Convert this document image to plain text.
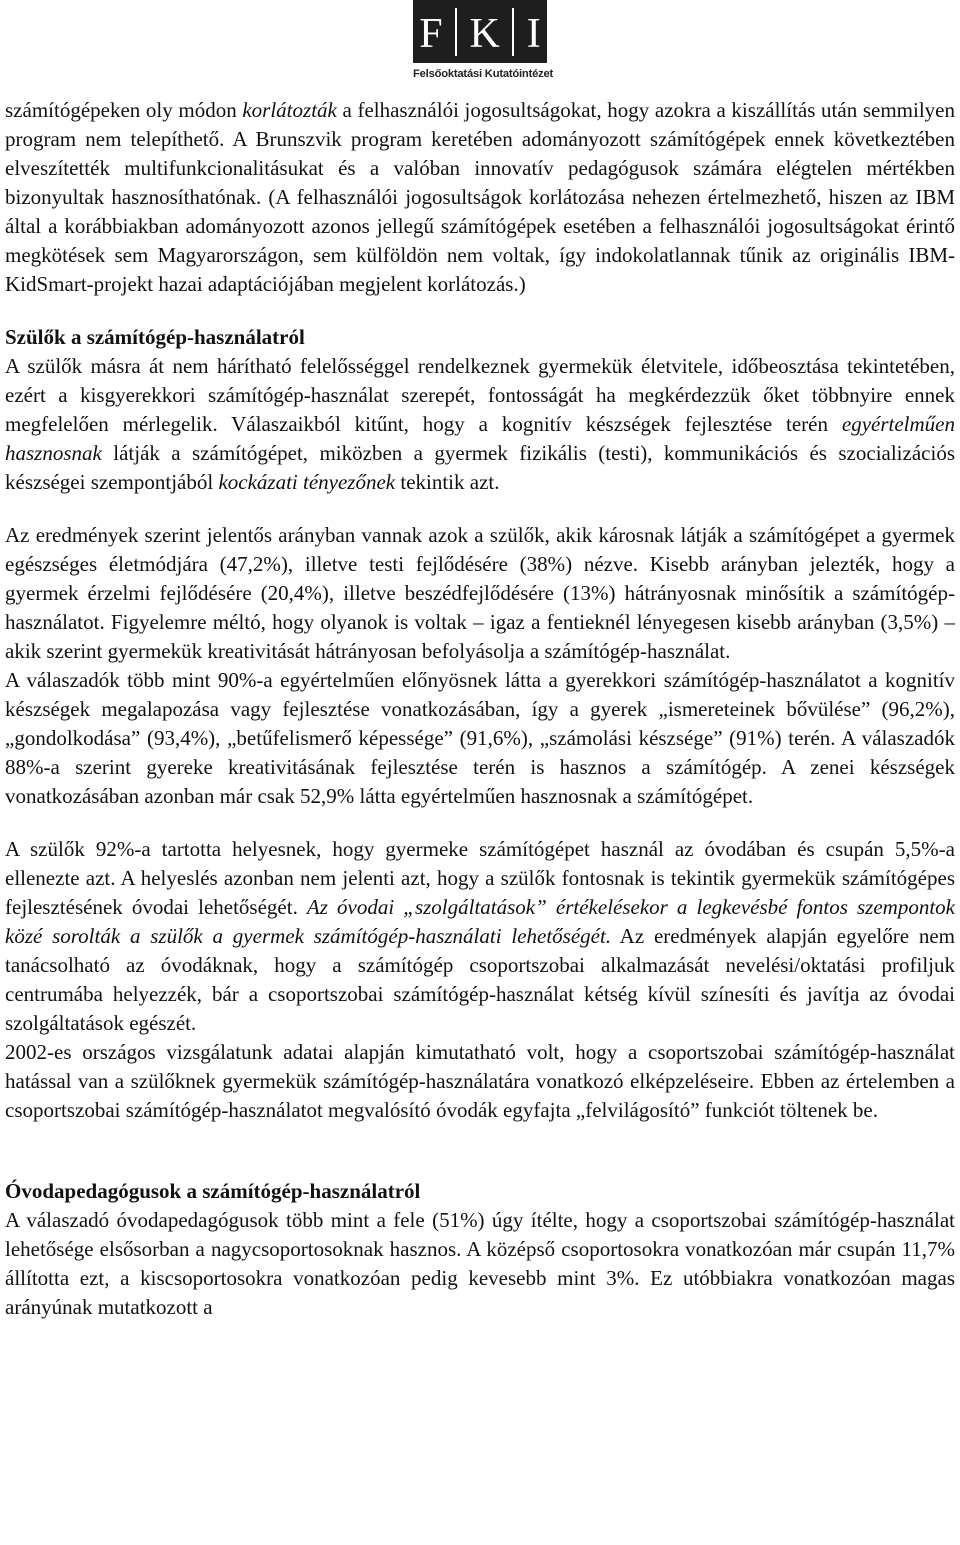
F K I
Felsőoktatási Kutatóintézet

számítógépeken oly módon korlátozták a felhasználói jogosultságokat, hogy azokra a kiszállítás után semmilyen program nem telepíthető. A Brunszvik program keretében adományozott számítógépek ennek következtében elveszítették multifunkcionalitásukat és a valóban innovatív pedagógusok számára elégtelen mértékben bizonyultak hasznosíthatónak. (A felhasználói jogosultságok korlátozása nehezen értelmezhető, hiszen az IBM által a korábbiakban adományozott azonos jellegű számítógépek esetében a felhasználói jogosultságokat érintő megkötések sem Magyarországon, sem külföldön nem voltak, így indokolatlannak tűnik az originális IBM-KidSmart-projekt hazai adaptációjában megjelent korlátozás.)

Szülők a számítógép-használatról

A szülők másra át nem hárítható felelősséggel rendelkeznek gyermekük életvitele, időbeosztása tekintetében, ezért a kisgyerekkori számítógép-használat szerepét, fontosságát ha megkérdezzük őket többnyire ennek megfelelően mérlegelik. Válaszaikból kitűnt, hogy a kognitív készségek fejlesztése terén egyértelműen hasznosnak látják a számítógépet, miközben a gyermek fizikális (testi), kommunikációs és szocializációs készségei szempontjából kockázati tényezőnek tekintik azt.

Az eredmények szerint jelentős arányban vannak azok a szülők, akik károsnak látják a számítógépet a gyermek egészséges életmódjára (47,2%), illetve testi fejlődésére (38%) nézve. Kisebb arányban jelezték, hogy a gyermek érzelmi fejlődésére (20,4%), illetve beszédfejlődésére (13%) hátrányosnak minősítik a számítógép-használatot. Figyelemre méltó, hogy olyanok is voltak – igaz a fentieknél lényegesen kisebb arányban (3,5%) – akik szerint gyermekük kreativitását hátrányosan befolyásolja a számítógép-használat.

A válaszadók több mint 90%-a egyértelműen előnyösnek látta a gyerekkori számítógép-használatot a kognitív készségek megalapozása vagy fejlesztése vonatkozásában, így a gyerek „ismereteinek bővülése” (96,2%), „gondolkodása” (93,4%), „betűfelismerő képessége” (91,6%), „számolási készsége” (91%) terén. A válaszadók 88%-a szerint gyereke kreativitásának fejlesztése terén is hasznos a számítógép. A zenei készségek vonatkozásában azonban már csak 52,9% látta egyértelműen hasznosnak a számítógépet.

A szülők 92%-a tartotta helyesnek, hogy gyermeke számítógépet használ az óvodában és csupán 5,5%-a ellenezte azt. A helyeslés azonban nem jelenti azt, hogy a szülők fontosnak is tekintik gyermekük számítógépes fejlesztésének óvodai lehetőségét. Az óvodai „szolgáltatások” értékelésekor a legkevésbé fontos szempontok közé sorolták a szülők a gyermek számítógép-használati lehetőségét. Az eredmények alapján egyelőre nem tanácsolható az óvodáknak, hogy a számítógép csoportszobai alkalmazását nevelési/oktatási profiljuk centrumába helyezzék, bár a csoportszobai számítógép-használat kétség kívül színesíti és javítja az óvodai szolgáltatások egészét.

2002-es országos vizsgálatunk adatai alapján kimutatható volt, hogy a csoportszobai számítógép-használat hatással van a szülőknek gyermekük számítógép-használatára vonatkozó elképzeléseire. Ebben az értelemben a csoportszobai számítógép-használatot megvalósító óvodák egyfajta „felvilágosító” funkciót töltenek be.

Óvodapedagógusok a számítógép-használatról

A válaszadó óvodapedagógusok több mint a fele (51%) úgy ítélte, hogy a csoportszobai számítógép-használat lehetősége elsősorban a nagycsoportosoknak hasznos. A középső csoportosokra vonatkozóan már csupán 11,7% állította ezt, a kiscsoportosokra vonatkozóan pedig kevesebb mint 3%. Ez utóbbiakra vonatkozóan magas arányúnak mutatkozott a
